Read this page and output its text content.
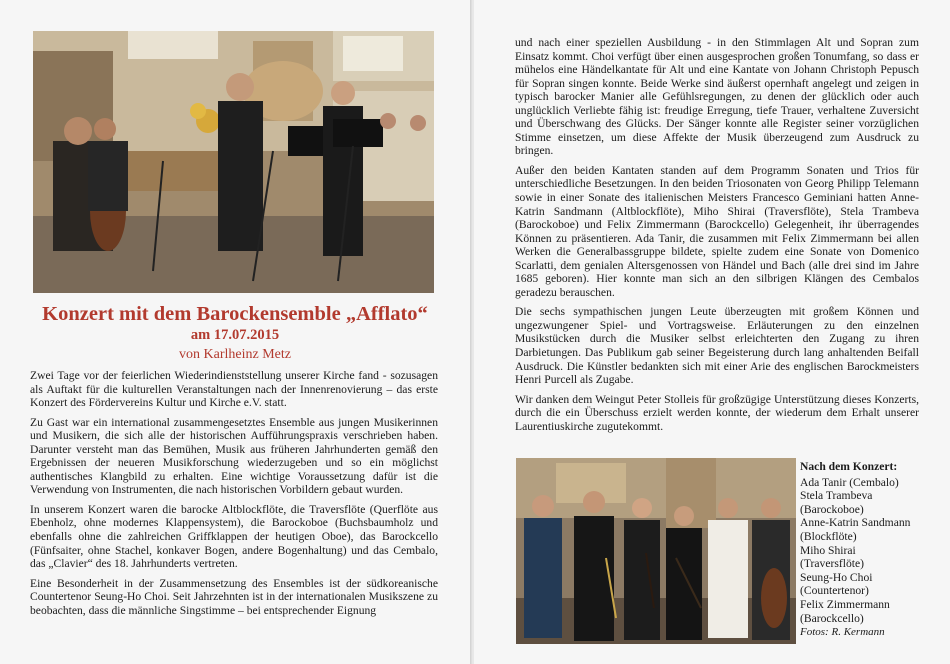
Konzert mit dem Barockensemble „Afflato“
am 17.07.2015
von Karlheinz Metz

Zwei Tage vor der feierlichen Wiederindienststellung unserer Kirche fand - sozusagen als Auftakt für die kulturellen Veranstaltungen nach der Innenrenovierung – das erste Konzert des Fördervereins Kultur und Kirche e.V. statt.

Zu Gast war ein international zusammengesetztes Ensemble aus jungen Musikerinnen und Musikern, die sich alle der historischen Aufführungspraxis verschrieben haben. Darunter versteht man das Bemühen, Musik aus früheren Jahrhunderten gemäß den Ergebnissen der neueren Musikforschung wiederzugeben und so ein möglichst authentisches Klangbild zu erhalten. Eine wichtige Voraussetzung dafür ist die Verwendung von Instrumenten, die nach historischen Vorbildern gebaut wurden.

In unserem Konzert waren die barocke Altblockflöte, die Traversflöte (Querflöte aus Ebenholz, ohne modernes Klappensystem), die Barockoboe (Buchsbaumholz und ebenfalls ohne die zahlreichen Griffklappen der heutigen Oboe), das Barockcello (Fünfsaiter, ohne Stachel, konkaver Bogen, andere Bogenhaltung) und das Cembalo, das „Clavier“ des 18. Jahrhunderts vertreten.

Eine Besonderheit in der Zusammensetzung des Ensembles ist der südkoreanische Countertenor Seung-Ho Choi. Seit Jahrzehnten ist in der internationalen Musikszene zu beobachten, dass die männliche Singstimme – bei entsprechender Eignung

und nach einer speziellen Ausbildung - in den Stimmlagen Alt und Sopran zum Einsatz kommt. Choi verfügt über einen ausgesprochen großen Tonumfang, so dass er mühelos eine Händelkantate für Alt und eine Kantate von Johann Christoph Pepusch für Sopran singen konnte. Beide Werke sind äußerst opernhaft angelegt und zeigen in typisch barocker Manier alle Gefühlsregungen, zu denen der glücklich oder auch unglücklich Verliebte fähig ist: freudige Erregung, tiefe Trauer, verhaltene Zuversicht und Überschwang des Glücks. Der Sänger konnte alle Register seiner vorzüglichen Stimme einsetzen, um diese Affekte der Musik überzeugend zum Ausdruck zu bringen.

Außer den beiden Kantaten standen auf dem Programm Sonaten und Trios für unterschiedliche Besetzungen. In den beiden Triosonaten von Georg Philipp Telemann sowie in einer Sonate des italienischen Meisters Francesco Geminiani hatten Anne-Katrin Sandmann (Altblockflöte), Miho Shirai (Traversflöte), Stela Trambeva (Barockoboe) und Felix Zimmermann (Barockcello) Gelegenheit, ihr überragendes Können zu präsentieren. Ada Tanir, die zusammen mit Felix Zimmermann bei allen Werken die Generalbassgruppe bildete, spielte zudem eine Sonate von Domenico Scarlatti, dem genialen Altersgenossen von Händel und Bach (alle drei sind im Jahre 1685 geboren). Hier konnte man sich an den silbrigen Klängen des Cembalos geradezu berauschen.

Die sechs sympathischen jungen Leute überzeugten mit großem Können und ungezwungener Spiel- und Vortragsweise. Erläuterungen zu den einzelnen Musikstücken durch die Musiker selbst erleichterten den Zugang zu ihren Darbietungen. Das Publikum gab seiner Begeisterung durch lang anhaltenden Beifall Ausdruck. Die Künstler bedankten sich mit einer Arie des englischen Barockmeisters Henri Purcell als Zugabe.

Wir danken dem Weingut Peter Stolleis für großzügige Unterstützung dieses Konzerts, durch die ein Überschuss erzielt werden konnte, der wiederum dem Erhalt unserer Laurentiuskirche zugutekommt.

Nach dem Konzert:
Ada Tanir (Cembalo)
Stela Trambeva
(Barockoboe)
Anne-Katrin Sandmann
(Blockflöte)
Miho Shirai
(Traversflöte)
Seung-Ho Choi
(Countertenor)
Felix Zimmermann
(Barockcello)
Fotos: R. Kermann
